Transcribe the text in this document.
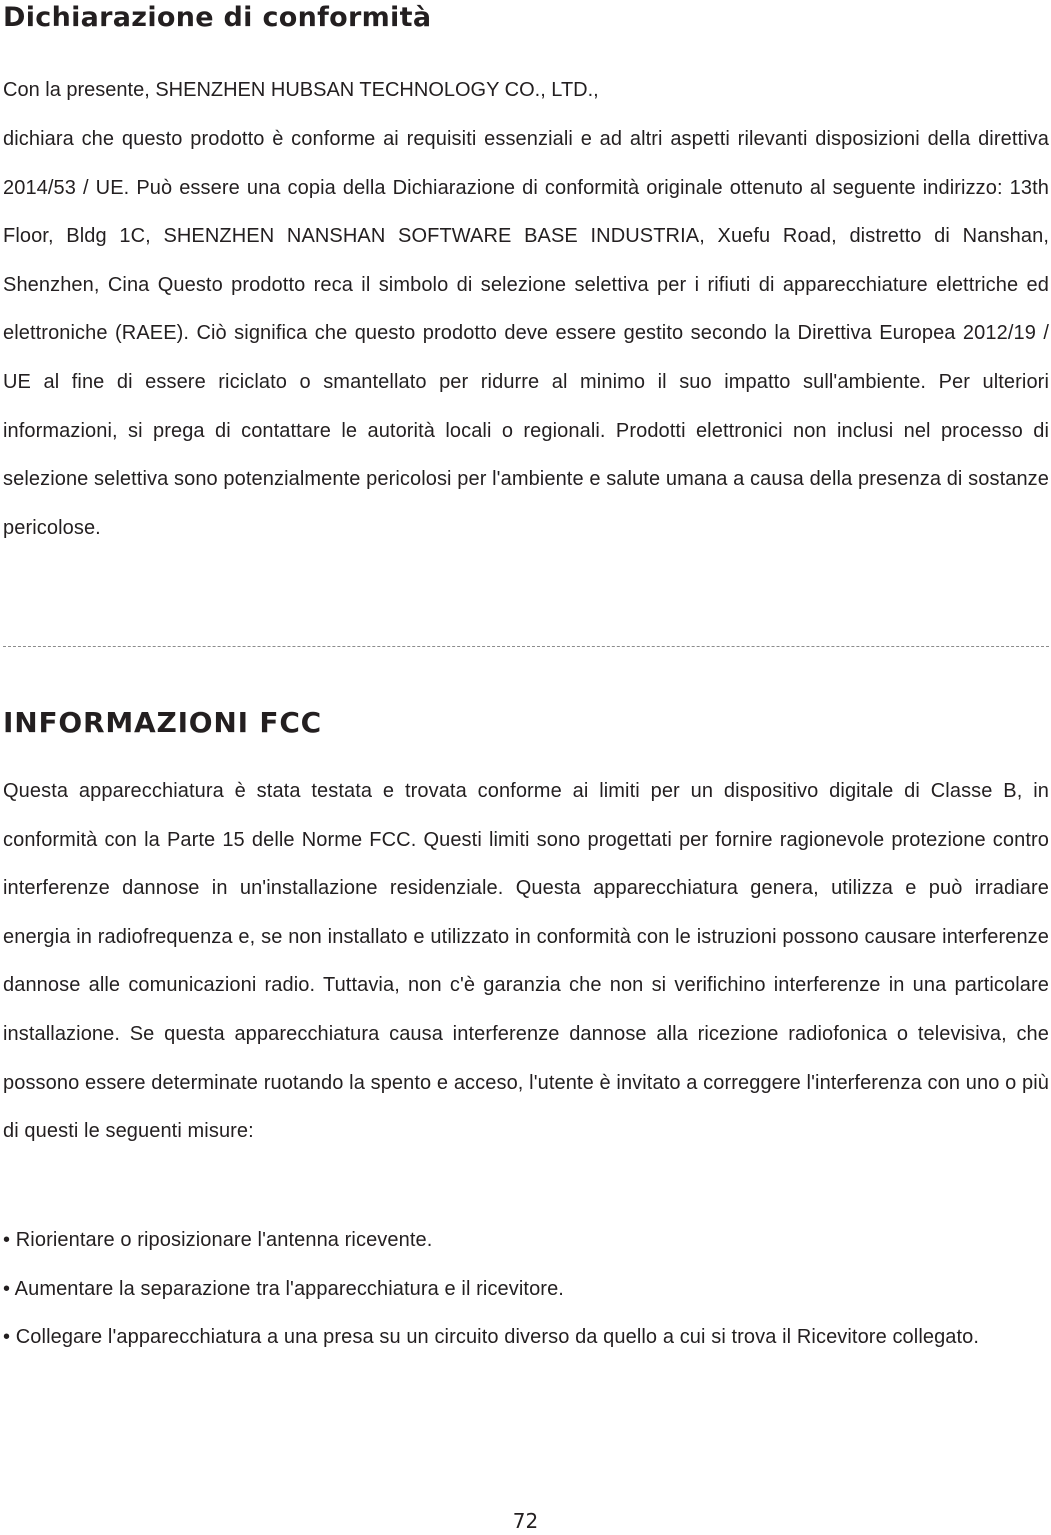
Dichiarazione di conformità

Con la presente, SHENZHEN HUBSAN TECHNOLOGY CO., LTD.,

dichiara che questo prodotto è conforme ai requisiti essenziali e ad altri aspetti rilevanti disposizioni della direttiva 2014/53 / UE. Può essere una copia della Dichiarazione di conformità originale ottenuto al seguente indirizzo: 13th Floor, Bldg 1C, SHENZHEN NANSHAN SOFTWARE BASE INDUSTRIA, Xuefu Road, distretto di Nanshan, Shenzhen, Cina Questo prodotto reca il simbolo di selezione selettiva per i rifiuti di apparecchiature elettriche ed elettroniche (RAEE). Ciò significa che questo prodotto deve essere gestito secondo la Direttiva Europea 2012/19 / UE al fine di essere riciclato o smantellato per ridurre al minimo il suo impatto sull'ambiente. Per ulteriori informazioni, si prega di contattare le autorità locali o regionali. Prodotti elettronici non inclusi nel processo di selezione selettiva sono potenzialmente pericolosi per l'ambiente e salute umana a causa della presenza di sostanze pericolose.

INFORMAZIONI FCC

Questa apparecchiatura è stata testata e trovata conforme ai limiti per un dispositivo digitale di Classe B, in conformità con la Parte 15 delle Norme FCC. Questi limiti sono progettati per fornire ragionevole protezione contro interferenze dannose in un'installazione residenziale. Questa apparecchiatura genera, utilizza e può irradiare energia in radiofrequenza e, se non installato e utilizzato in conformità con le istruzioni possono causare interferenze dannose alle comunicazioni radio. Tuttavia, non c'è garanzia che non si verifichino interferenze in una particolare installazione. Se questa apparecchiatura causa interferenze dannose alla ricezione radiofonica o televisiva, che possono essere determinate ruotando la spento e acceso, l'utente è invitato a correggere l'interferenza con uno o più di questi le seguenti misure:

• Riorientare o riposizionare l'antenna ricevente.
• Aumentare la separazione tra l'apparecchiatura e il ricevitore.
• Collegare l'apparecchiatura a una presa su un circuito diverso da quello a cui si trova il Ricevitore collegato.
72
